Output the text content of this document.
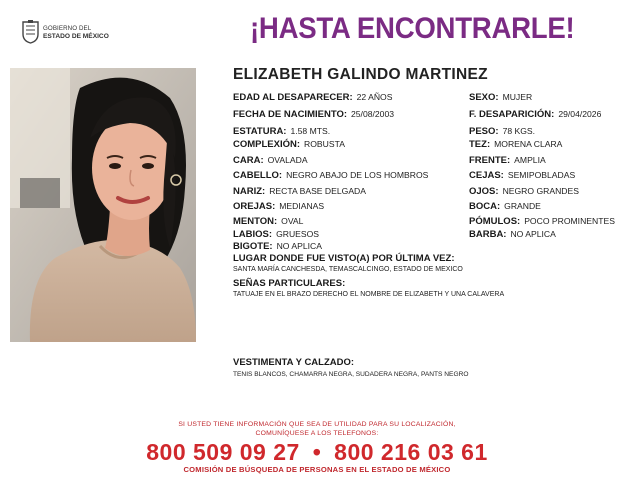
GOBIERNO DEL
ESTADO DE MÉXICO	¡HASTA ENCONTRARLE!
ELIZABETH GALINDO MARTINEZ
EDAD AL DESAPARECER: 22 AÑOS
FECHA DE NACIMIENTO: 25/08/2003
ESTATURA: 1.58 MTS.
COMPLEXIÓN: ROBUSTA
CARA: OVALADA
CABELLO: NEGRO ABAJO DE LOS HOMBROS
NARIZ: RECTA BASE DELGADA
OREJAS: MEDIANAS
MENTON: OVAL
LABIOS: GRUESOS
BIGOTE: NO APLICA
SEXO: MUJER
F. DESAPARICIÓN: 29/04/2026
PESO: 78 KGS.
TEZ: MORENA CLARA
FRENTE: AMPLIA
CEJAS: SEMIPOBLADAS
OJOS: NEGRO GRANDES
BOCA: GRANDE
PÓMULOS: POCO PROMINENTES
BARBA: NO APLICA
LUGAR DONDE FUE VISTO(A) POR ÚLTIMA VEZ:
SANTA MARÍA CANCHESDA, TEMASCALCINGO, ESTADO DE MEXICO
SEÑAS PARTICULARES:
TATUAJE EN EL BRAZO DERECHO EL NOMBRE DE ELIZABETH Y UNA CALAVERA
VESTIMENTA Y CALZADO:
TENIS BLANCOS, CHAMARRA NEGRA, SUDADERA NEGRA, PANTS NEGRO
SI USTED TIENE INFORMACIÓN QUE SEA DE UTILIDAD PARA SU LOCALIZACIÓN,
COMUNÍQUESE A LOS TELEFONOS:
800 509 09 27 • 800 216 03 61
COMISIÓN DE BÚSQUEDA DE PERSONAS EN EL ESTADO DE MÉXICO
